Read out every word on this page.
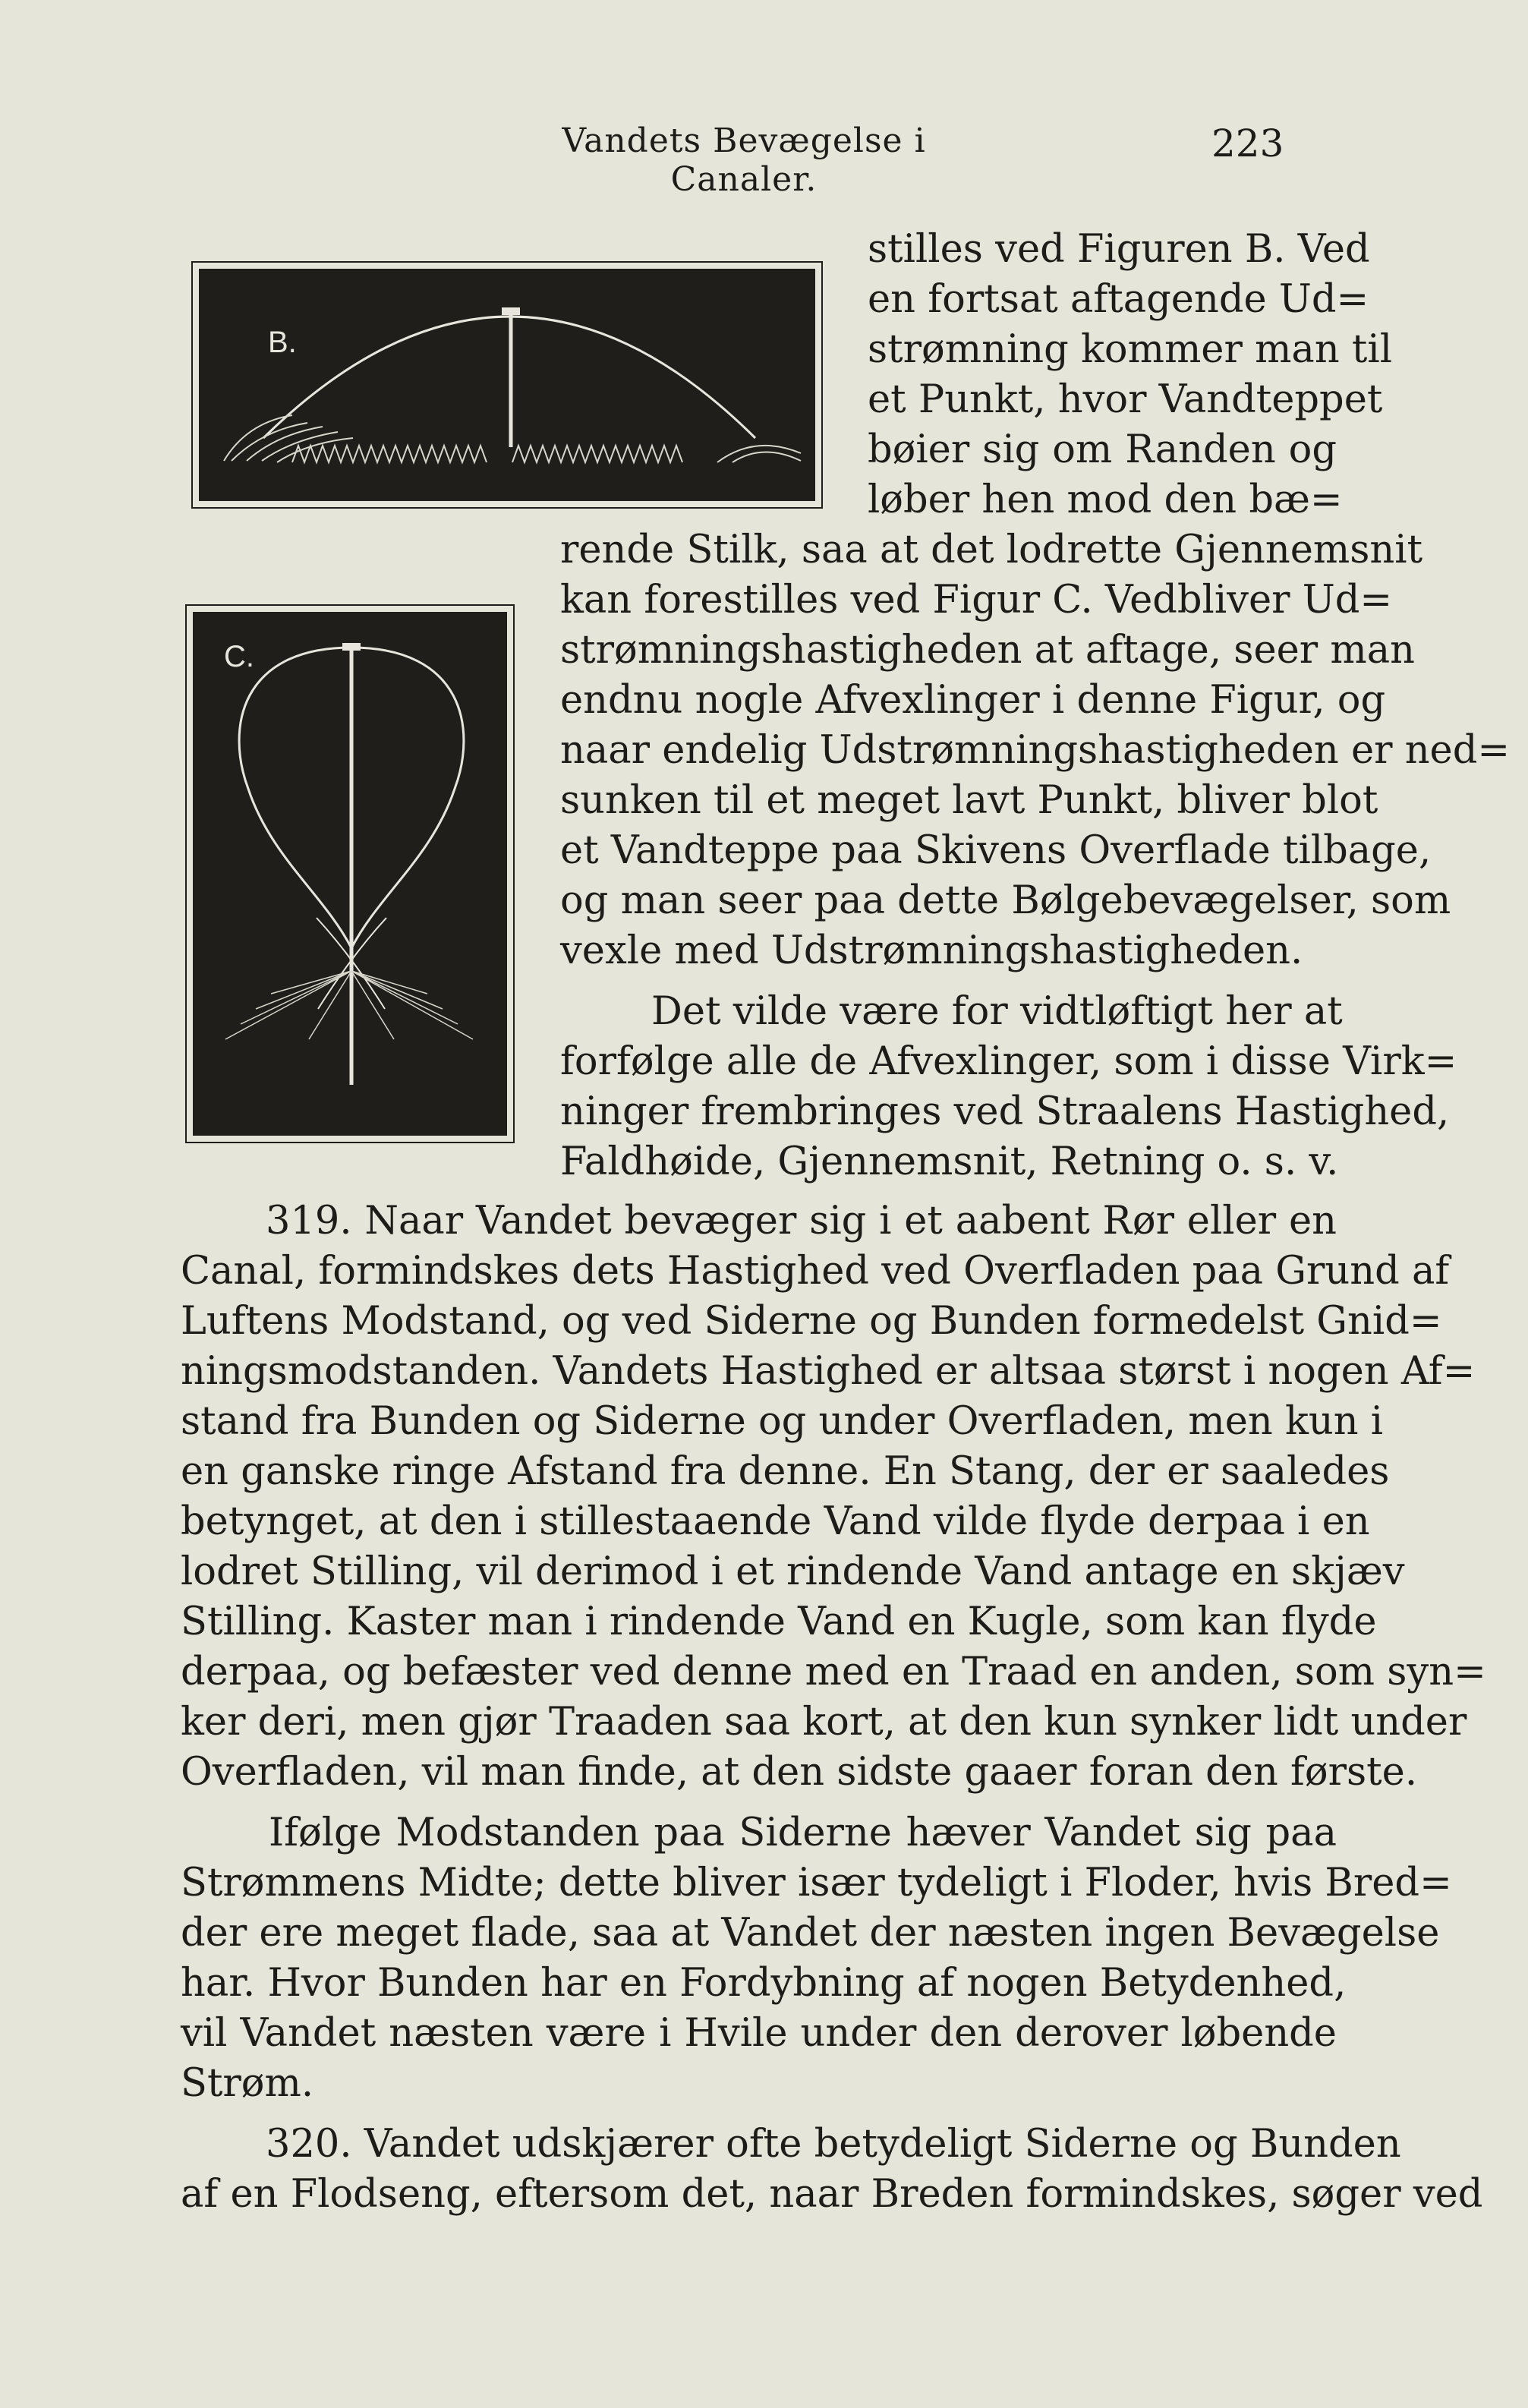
Vandets Bevægelse i Canaler.
223
B.
C.
stilles ved Figuren B. Ved
en fortsat aftagende Ud=
strømning kommer man til
et Punkt, hvor Vandteppet
bøier sig om Randen og
løber hen mod den bæ=
rende Stilk, saa at det lodrette Gjennemsnit
kan forestilles ved Figur C. Vedbliver Ud=
strømningshastigheden at aftage, seer man
endnu nogle Afvexlinger i denne Figur, og
naar endelig Udstrømningshastigheden er ned=
sunken til et meget lavt Punkt, bliver blot
et Vandteppe paa Skivens Overflade tilbage,
og man seer paa dette Bølgebevægelser, som
vexle med Udstrømningshastigheden.
Det vilde være for vidtløftigt her at
forfølge alle de Afvexlinger, som i disse Virk=
ninger frembringes ved Straalens Hastighed,
Faldhøide, Gjennemsnit, Retning o. s. v.
319. Naar Vandet bevæger sig i et aabent Rør eller en
Canal, formindskes dets Hastighed ved Overfladen paa Grund af
Luftens Modstand, og ved Siderne og Bunden formedelst Gnid=
ningsmodstanden. Vandets Hastighed er altsaa størst i nogen Af=
stand fra Bunden og Siderne og under Overfladen, men kun i
en ganske ringe Afstand fra denne. En Stang, der er saaledes
betynget, at den i stillestaaende Vand vilde flyde derpaa i en
lodret Stilling, vil derimod i et rindende Vand antage en skjæv
Stilling. Kaster man i rindende Vand en Kugle, som kan flyde
derpaa, og befæster ved denne med en Traad en anden, som syn=
ker deri, men gjør Traaden saa kort, at den kun synker lidt under
Overfladen, vil man finde, at den sidste gaaer foran den første.
Ifølge Modstanden paa Siderne hæver Vandet sig paa
Strømmens Midte; dette bliver især tydeligt i Floder, hvis Bred=
der ere meget flade, saa at Vandet der næsten ingen Bevægelse
har. Hvor Bunden har en Fordybning af nogen Betydenhed,
vil Vandet næsten være i Hvile under den derover løbende
Strøm.
320. Vandet udskjærer ofte betydeligt Siderne og Bunden
af en Flodseng, eftersom det, naar Breden formindskes, søger ved
